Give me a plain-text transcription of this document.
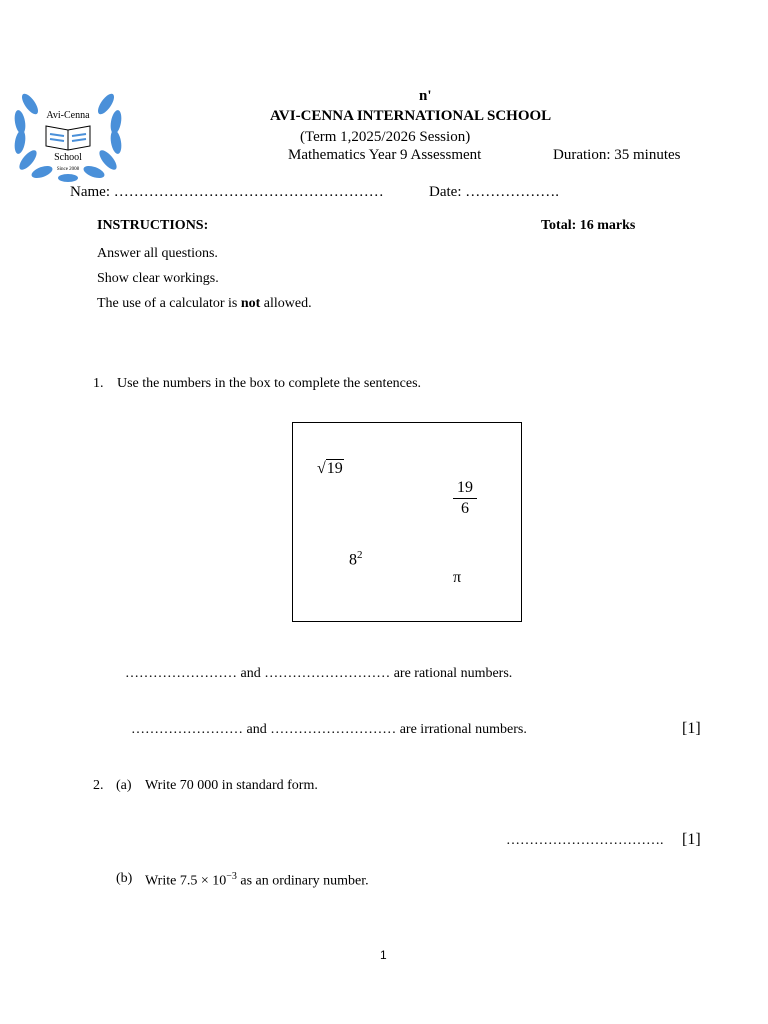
Avi-Cenna
School
Since 2008
n'
AVI-CENNA INTERNATIONAL SCHOOL
(Term 1,2025/2026 Session)
Mathematics Year 9 Assessment	Duration: 35 minutes
Name: ………………………………………………	Date: ……………….
INSTRUCTIONS:	Total: 16 marks
Answer all questions.
Show clear workings.
The use of a calculator is not allowed.
1. Use the numbers in the box to complete the sentences.
√19
$\frac{19}{6}$
$8^2$
π
…………………… and ……………………… are rational numbers.
…………………… and ……………………… are irrational numbers.	[1]
2. (a) Write 70 000 in standard form.
……………………………. [1]
(b) Write $7.5 \times 10^{-3}$ as an ordinary number.
1
